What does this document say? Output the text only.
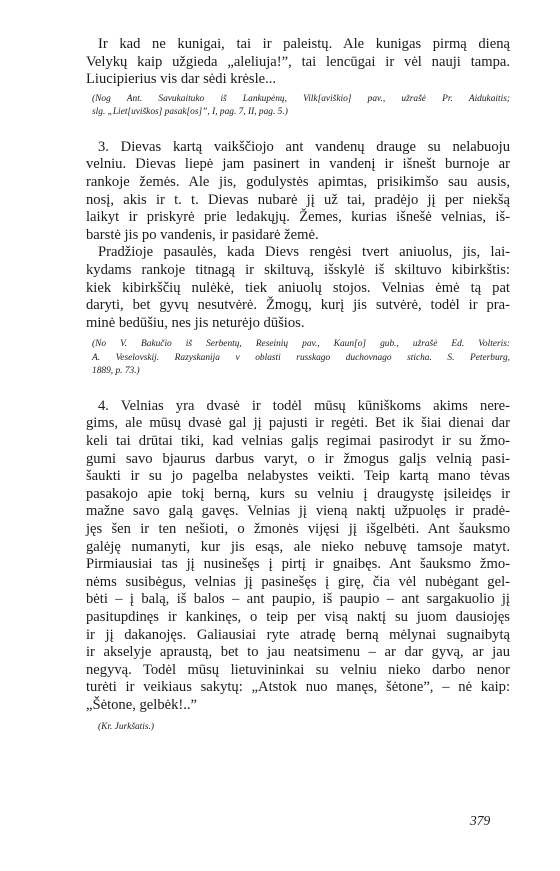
Ir kad ne kunigai, tai ir paleistų. Ale kunigas pirmą dieną
Velykų kaip užgieda „aleliuja!”, tai lencūgai ir vėl nauji tampa.
Liucipierius vis dar sėdi krėsle...
(Nog Ant. Savukaituko iš Lankupėnų, Vilk[aviškio] pav., užrašė Pr. Aidukaitis;
slg. „Liet[uviškos] pasak[os]”, I, pag. 7, II, pag. 5.)
3. Dievas kartą vaikščiojo ant vandenų drauge su nelabuoju
velniu. Dievas liepė jam pasinert in vandenį ir išnešt burnoje ar
rankoje žemės. Ale jis, godulystės apimtas, prisikimšo sau ausis,
nosį, akis ir t. t. Dievas nubarė jį už tai, pradėjo jį per niekšą
laikyt ir priskyrė prie ledakųjų. Žemes, kurias išnešė velnias, iš-
barstė jis po vandenis, ir pasidarė žemė.
Pradžioje pasaulės, kada Dievs rengėsi tvert aniuolus, jis, lai-
kydams rankoje titnagą ir skiltuvą, išskylė iš skiltuvo kibirkštis:
kiek kibirkščių nulėkė, tiek aniuolų stojos. Velnias ėmė tą pat
daryti, bet gyvų nesutvėrė. Žmogų, kurį jis sutvėrė, todėl ir pra-
minė bedūšiu, nes jis neturėjo dūšios.
(No V. Bakučio iš Serbentų, Reseinių pav., Kaun[o] gub., užrašė Ed. Volteris:
A. Veselovskij. Razyskanija v oblasti russkago duchovnago sticha. S. Peterburg,
1889, p. 73.)
4. Velnias yra dvasė ir todėl mūsų kūniškoms akims nere-
gims, ale mūsų dvasė gal jį pajusti ir regėti. Bet ik šiai dienai dar
keli tai drūtai tiki, kad velnias galįs regimai pasirodyt ir su žmo-
gumi savo bjaurus darbus varyt, o ir žmogus galįs velnią pasi-
šaukti ir su jo pagelba nelabystes veikti. Teip kartą mano tėvas
pasakojo apie tokį berną, kurs su velniu į draugystę įsileidęs ir
mažne savo galą gavęs. Velnias jį vieną naktį užpuolęs ir pradė-
jęs šen ir ten nešioti, o žmonės vijęsi jį išgelbėti. Ant šauksmo
galėję numanyti, kur jis esąs, ale nieko nebuvę tamsoje matyt.
Pirmiausiai tas jį nusinešęs į pirtį ir gnaibęs. Ant šauksmo žmo-
nėms susibėgus, velnias jį pasinešęs į girę, čia vėl nubėgant gel-
bėti – į balą, iš balos – ant paupio, iš paupio – ant sargakuolio jį
pasitupdinęs ir kankinęs, o teip per visą naktį su juom dausiojęs
ir jį dakanojęs. Galiausiai ryte atradę berną mėlynai sugnaibytą
ir akselyje apraustą, bet to jau neatsimenu – ar dar gyvą, ar jau
negyvą. Todėl mūsų lietuvininkai su velniu nieko darbo nenor
turėti ir veikiaus sakytų: „Atstok nuo manęs, šėtone”, – nė kaip:
„Šėtone, gelbėk!..”
(Kr. Jurkšatis.)
379
